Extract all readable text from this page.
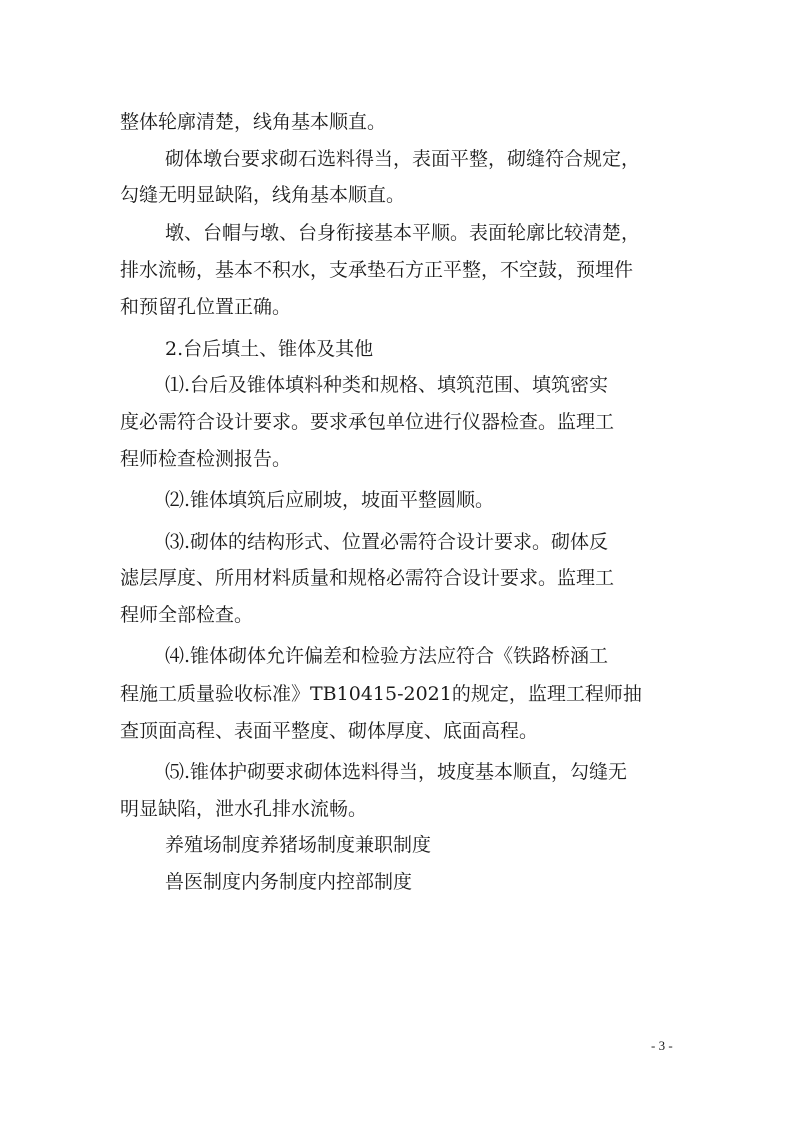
整体轮廓清楚，线角基本顺直。
砌体墩台要求砌石选料得当，表面平整，砌缝符合规定，
勾缝无明显缺陷，线角基本顺直。
墩、台帽与墩、台身衔接基本平顺。表面轮廓比较清楚，
排水流畅，基本不积水，支承垫石方正平整，不空鼓，预埋件
和预留孔位置正确。
2.台后填土、锥体及其他
⑴.台后及锥体填料种类和规格、填筑范围、填筑密实
度必需符合设计要求。要求承包单位进行仪器检查。监理工
程师检查检测报告。
⑵.锥体填筑后应刷坡，坡面平整圆顺。
⑶.砌体的结构形式、位置必需符合设计要求。砌体反
滤层厚度、所用材料质量和规格必需符合设计要求。监理工
程师全部检查。
⑷.锥体砌体允许偏差和检验方法应符合《铁路桥涵工
程施工质量验收标准》TB10415-2021的规定，监理工程师抽
查顶面高程、表面平整度、砌体厚度、底面高程。
⑸.锥体护砌要求砌体选料得当，坡度基本顺直，勾缝无
明显缺陷，泄水孔排水流畅。
养殖场制度养猪场制度兼职制度
兽医制度内务制度内控部制度
- 3 -
